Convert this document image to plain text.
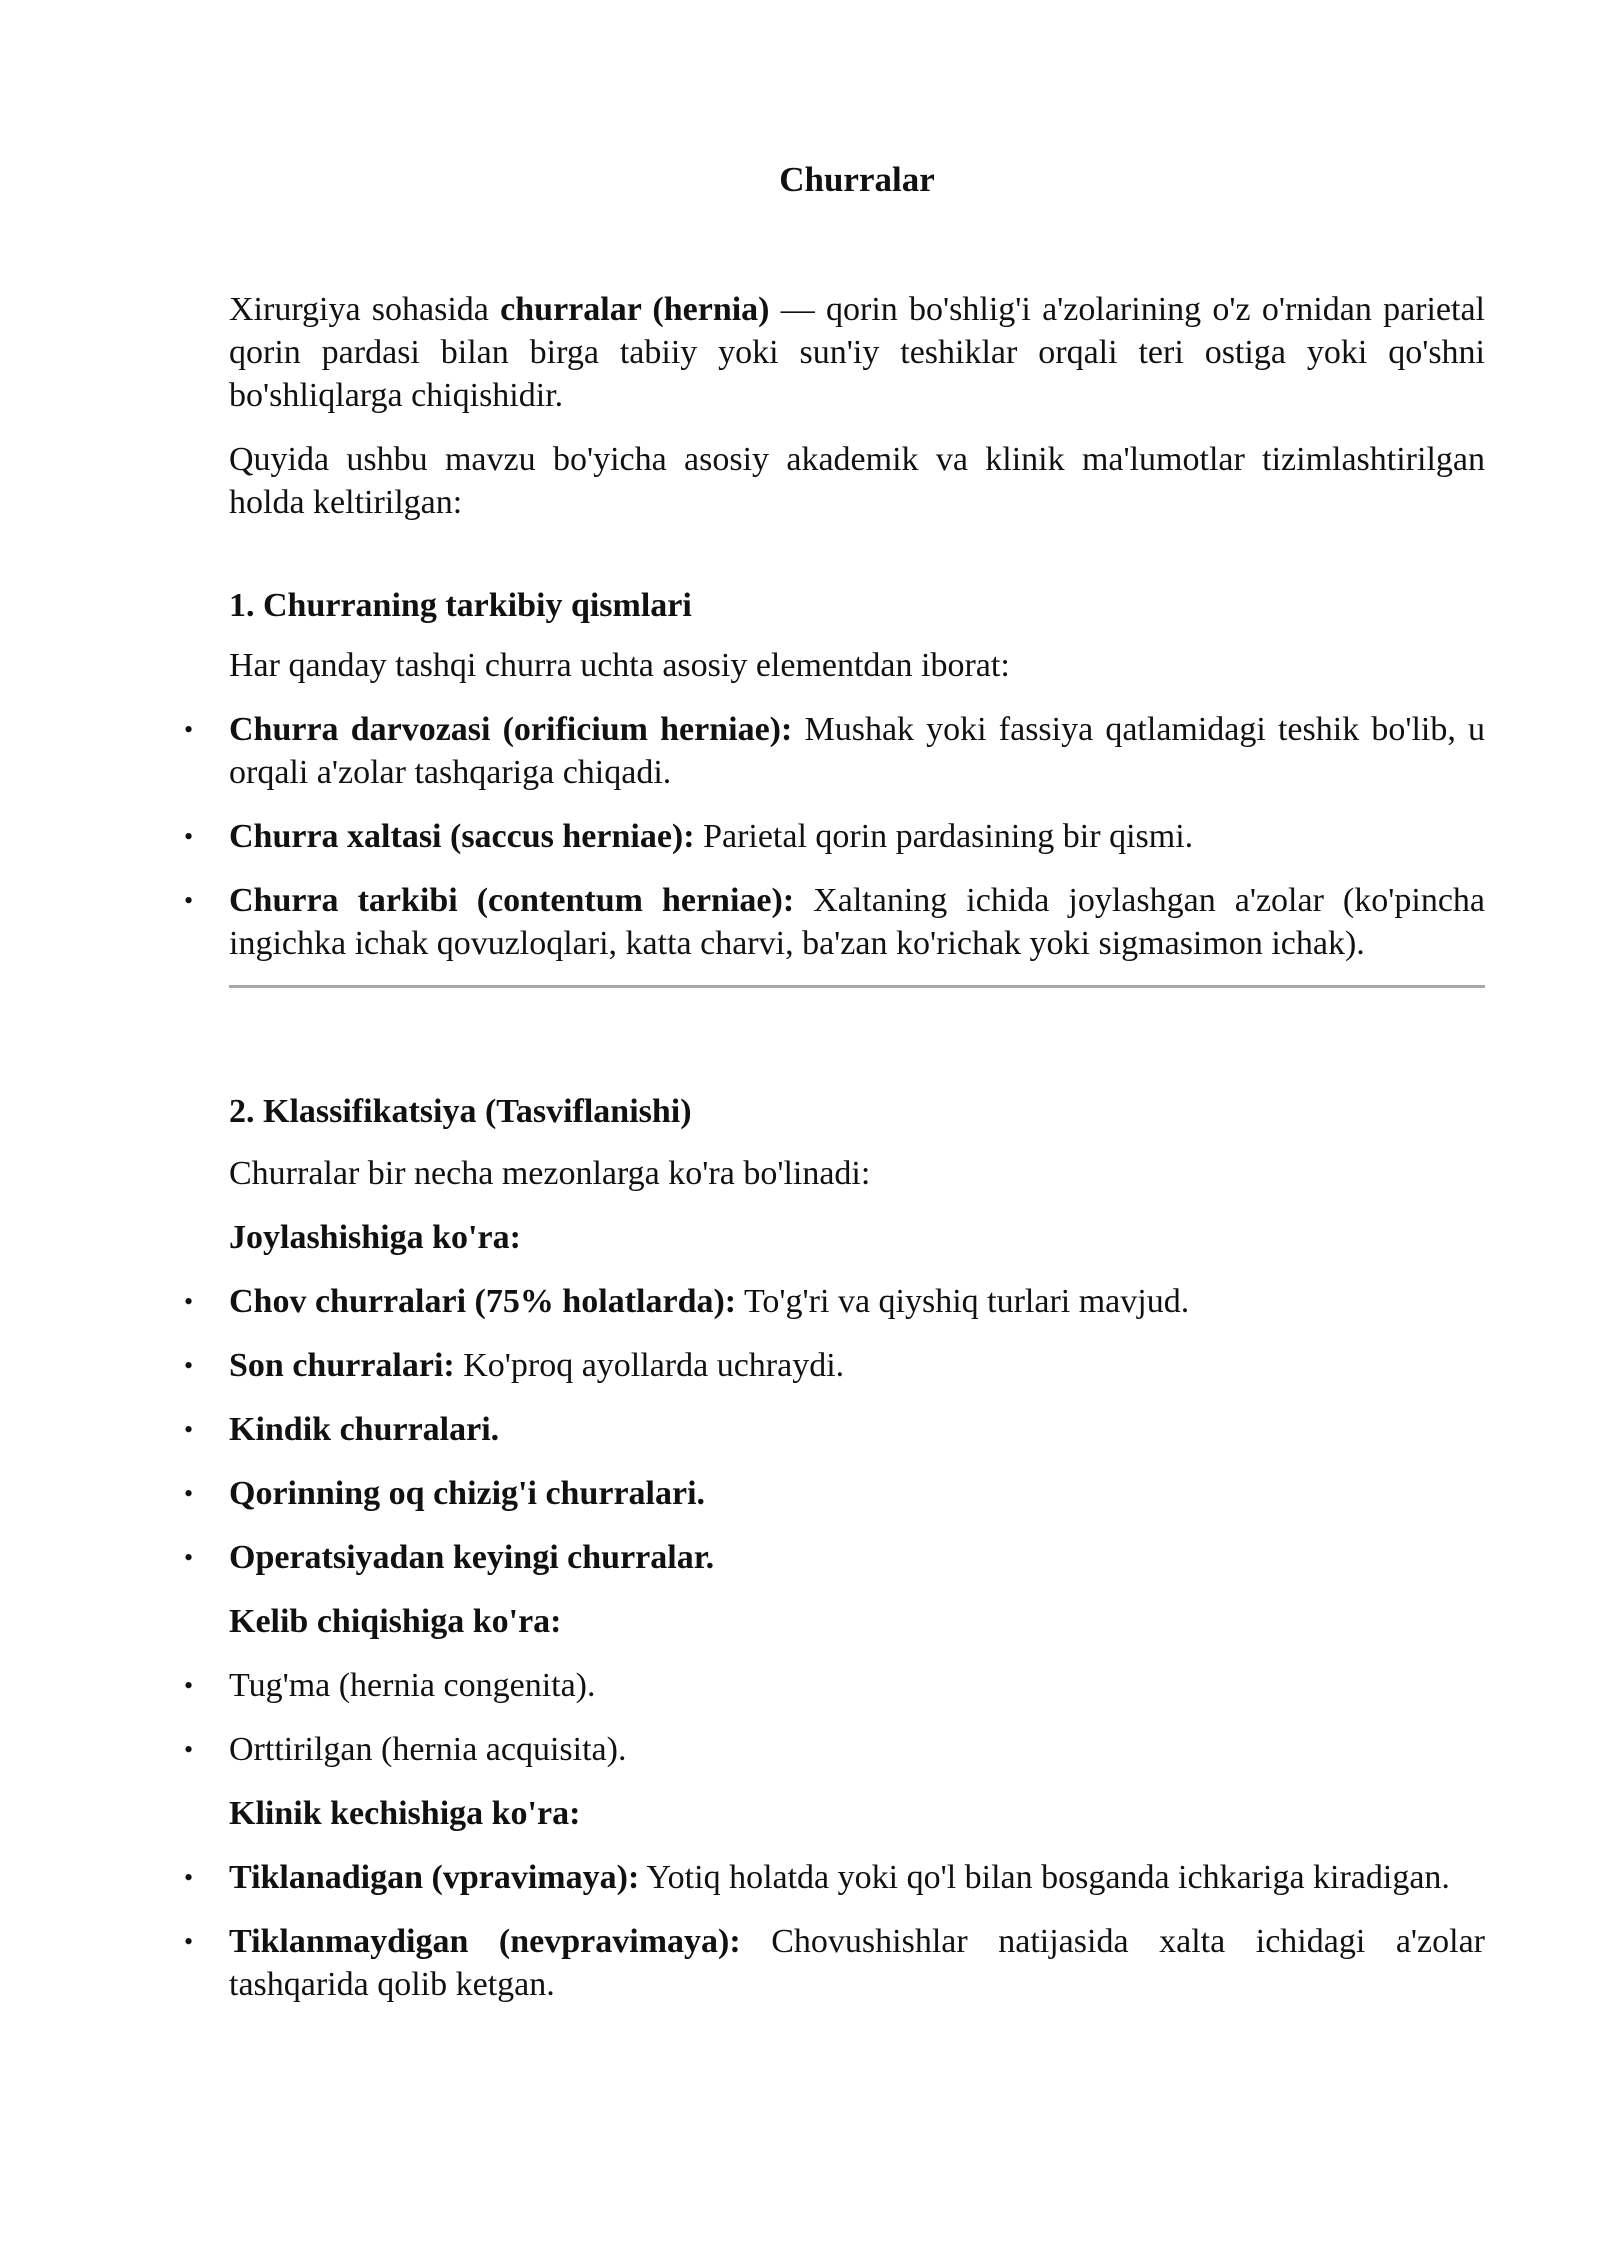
Churralar

Xirurgiya sohasida churralar (hernia) — qorin bo'shlig'i a'zolarining o'z o'rnidan parietal qorin pardasi bilan birga tabiiy yoki sun'iy teshiklar orqali teri ostiga yoki qo'shni bo'shliqlarga chiqishidir.

Quyida ushbu mavzu bo'yicha asosiy akademik va klinik ma'lumotlar tizimlashtirilgan holda keltirilgan:

1. Churraning tarkibiy qismlari

Har qanday tashqi churra uchta asosiy elementdan iborat:

• Churra darvozasi (orificium herniae): Mushak yoki fassiya qatlamidagi teshik bo'lib, u orqali a'zolar tashqariga chiqadi.
• Churra xaltasi (saccus herniae): Parietal qorin pardasining bir qismi.
• Churra tarkibi (contentum herniae): Xaltaning ichida joylashgan a'zolar (ko'pincha ingichka ichak qovuzloqlari, katta charvi, ba'zan ko'richak yoki sigmasimon ichak).
2. Klassifikatsiya (Tasviflanishi)

Churralar bir necha mezonlarga ko'ra bo'linadi:

Joylashishiga ko'ra:
• Chov churralari (75% holatlarda): To'g'ri va qiyshiq turlari mavjud.
• Son churralari: Ko'proq ayollarda uchraydi.
• Kindik churralari.
• Qorinning oq chizig'i churralari.
• Operatsiyadan keyingi churralar.
Kelib chiqishiga ko'ra:
• Tug'ma (hernia congenita).
• Orttirilgan (hernia acquisita).
Klinik kechishiga ko'ra:
• Tiklanadigan (vpravimaya): Yotiq holatda yoki qo'l bilan bosganda ichkariga kiradigan.
• Tiklanmaydigan (nevpravimaya): Chovushishlar natijasida xalta ichidagi a'zolar tashqarida qolib ketgan.
